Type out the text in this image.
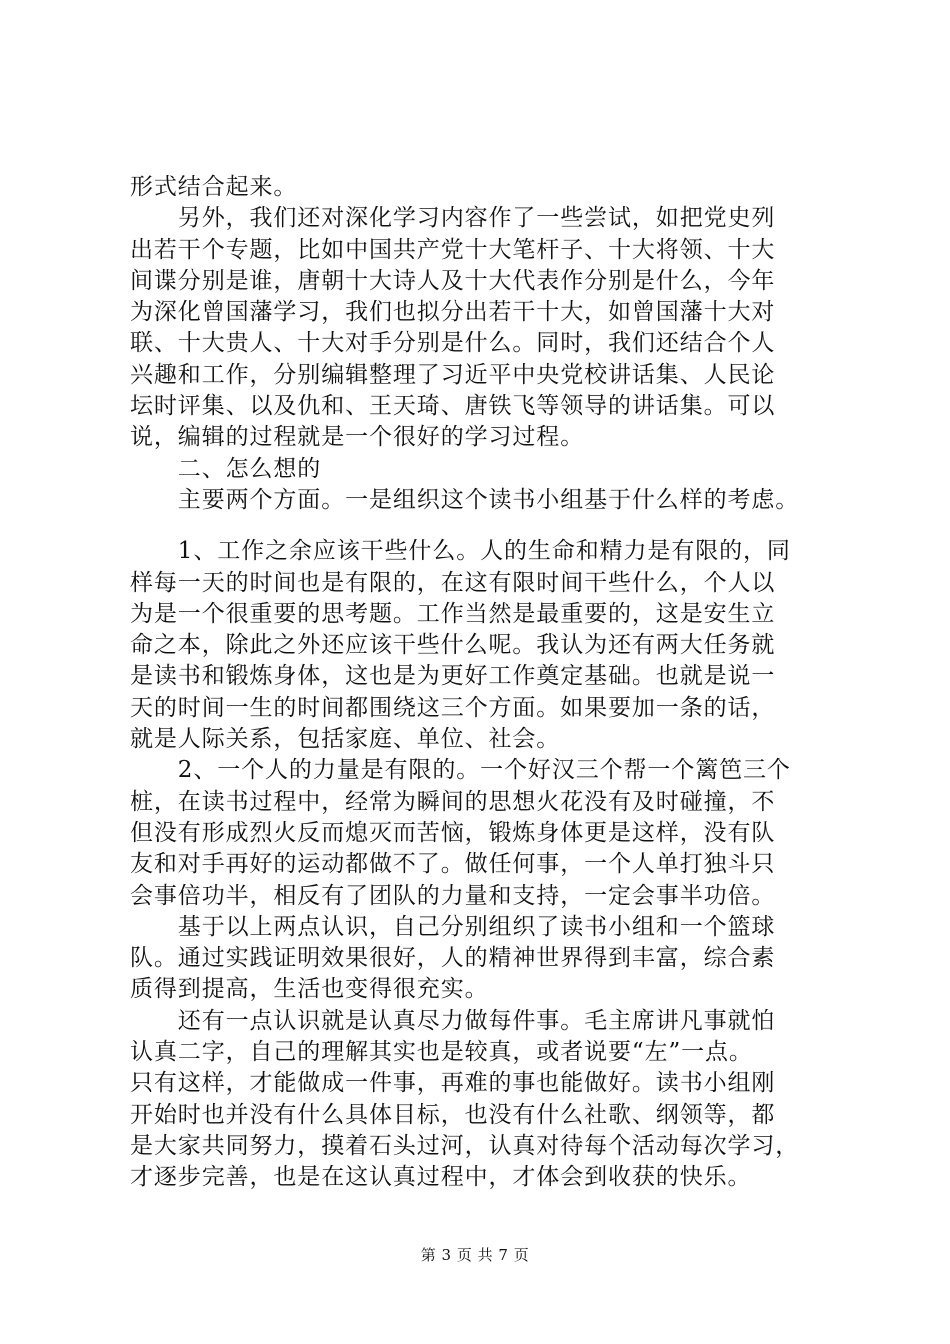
形式结合起来。
　　另外，我们还对深化学习内容作了一些尝试，如把党史列
出若干个专题，比如中国共产党十大笔杆子、十大将领、十大
间谍分别是谁，唐朝十大诗人及十大代表作分别是什么，今年
为深化曾国藩学习，我们也拟分出若干十大，如曾国藩十大对
联、十大贵人、十大对手分别是什么。同时，我们还结合个人
兴趣和工作，分别编辑整理了习近平中央党校讲话集、人民论
坛时评集、以及仇和、王天琦、唐铁飞等领导的讲话集。可以
说，编辑的过程就是一个很好的学习过程。
　　二、怎么想的
　　主要两个方面。一是组织这个读书小组基于什么样的考虑。
　　1、工作之余应该干些什么。人的生命和精力是有限的，同
样每一天的时间也是有限的，在这有限时间干些什么，个人以
为是一个很重要的思考题。工作当然是最重要的，这是安生立
命之本，除此之外还应该干些什么呢。我认为还有两大任务就
是读书和锻炼身体，这也是为更好工作奠定基础。也就是说一
天的时间一生的时间都围绕这三个方面。如果要加一条的话，
就是人际关系，包括家庭、单位、社会。
　　2、一个人的力量是有限的。一个好汉三个帮一个篱笆三个
桩，在读书过程中，经常为瞬间的思想火花没有及时碰撞，不
但没有形成烈火反而熄灭而苦恼，锻炼身体更是这样，没有队
友和对手再好的运动都做不了。做任何事，一个人单打独斗只
会事倍功半，相反有了团队的力量和支持，一定会事半功倍。
　　基于以上两点认识，自己分别组织了读书小组和一个篮球
队。通过实践证明效果很好，人的精神世界得到丰富，综合素
质得到提高，生活也变得很充实。
　　还有一点认识就是认真尽力做每件事。毛主席讲凡事就怕
认真二字，自己的理解其实也是较真，或者说要“左”一点。
只有这样，才能做成一件事，再难的事也能做好。读书小组刚
开始时也并没有什么具体目标，也没有什么社歌、纲领等，都
是大家共同努力，摸着石头过河，认真对待每个活动每次学习，
才逐步完善，也是在这认真过程中，才体会到收获的快乐。
第 3 页 共 7 页
